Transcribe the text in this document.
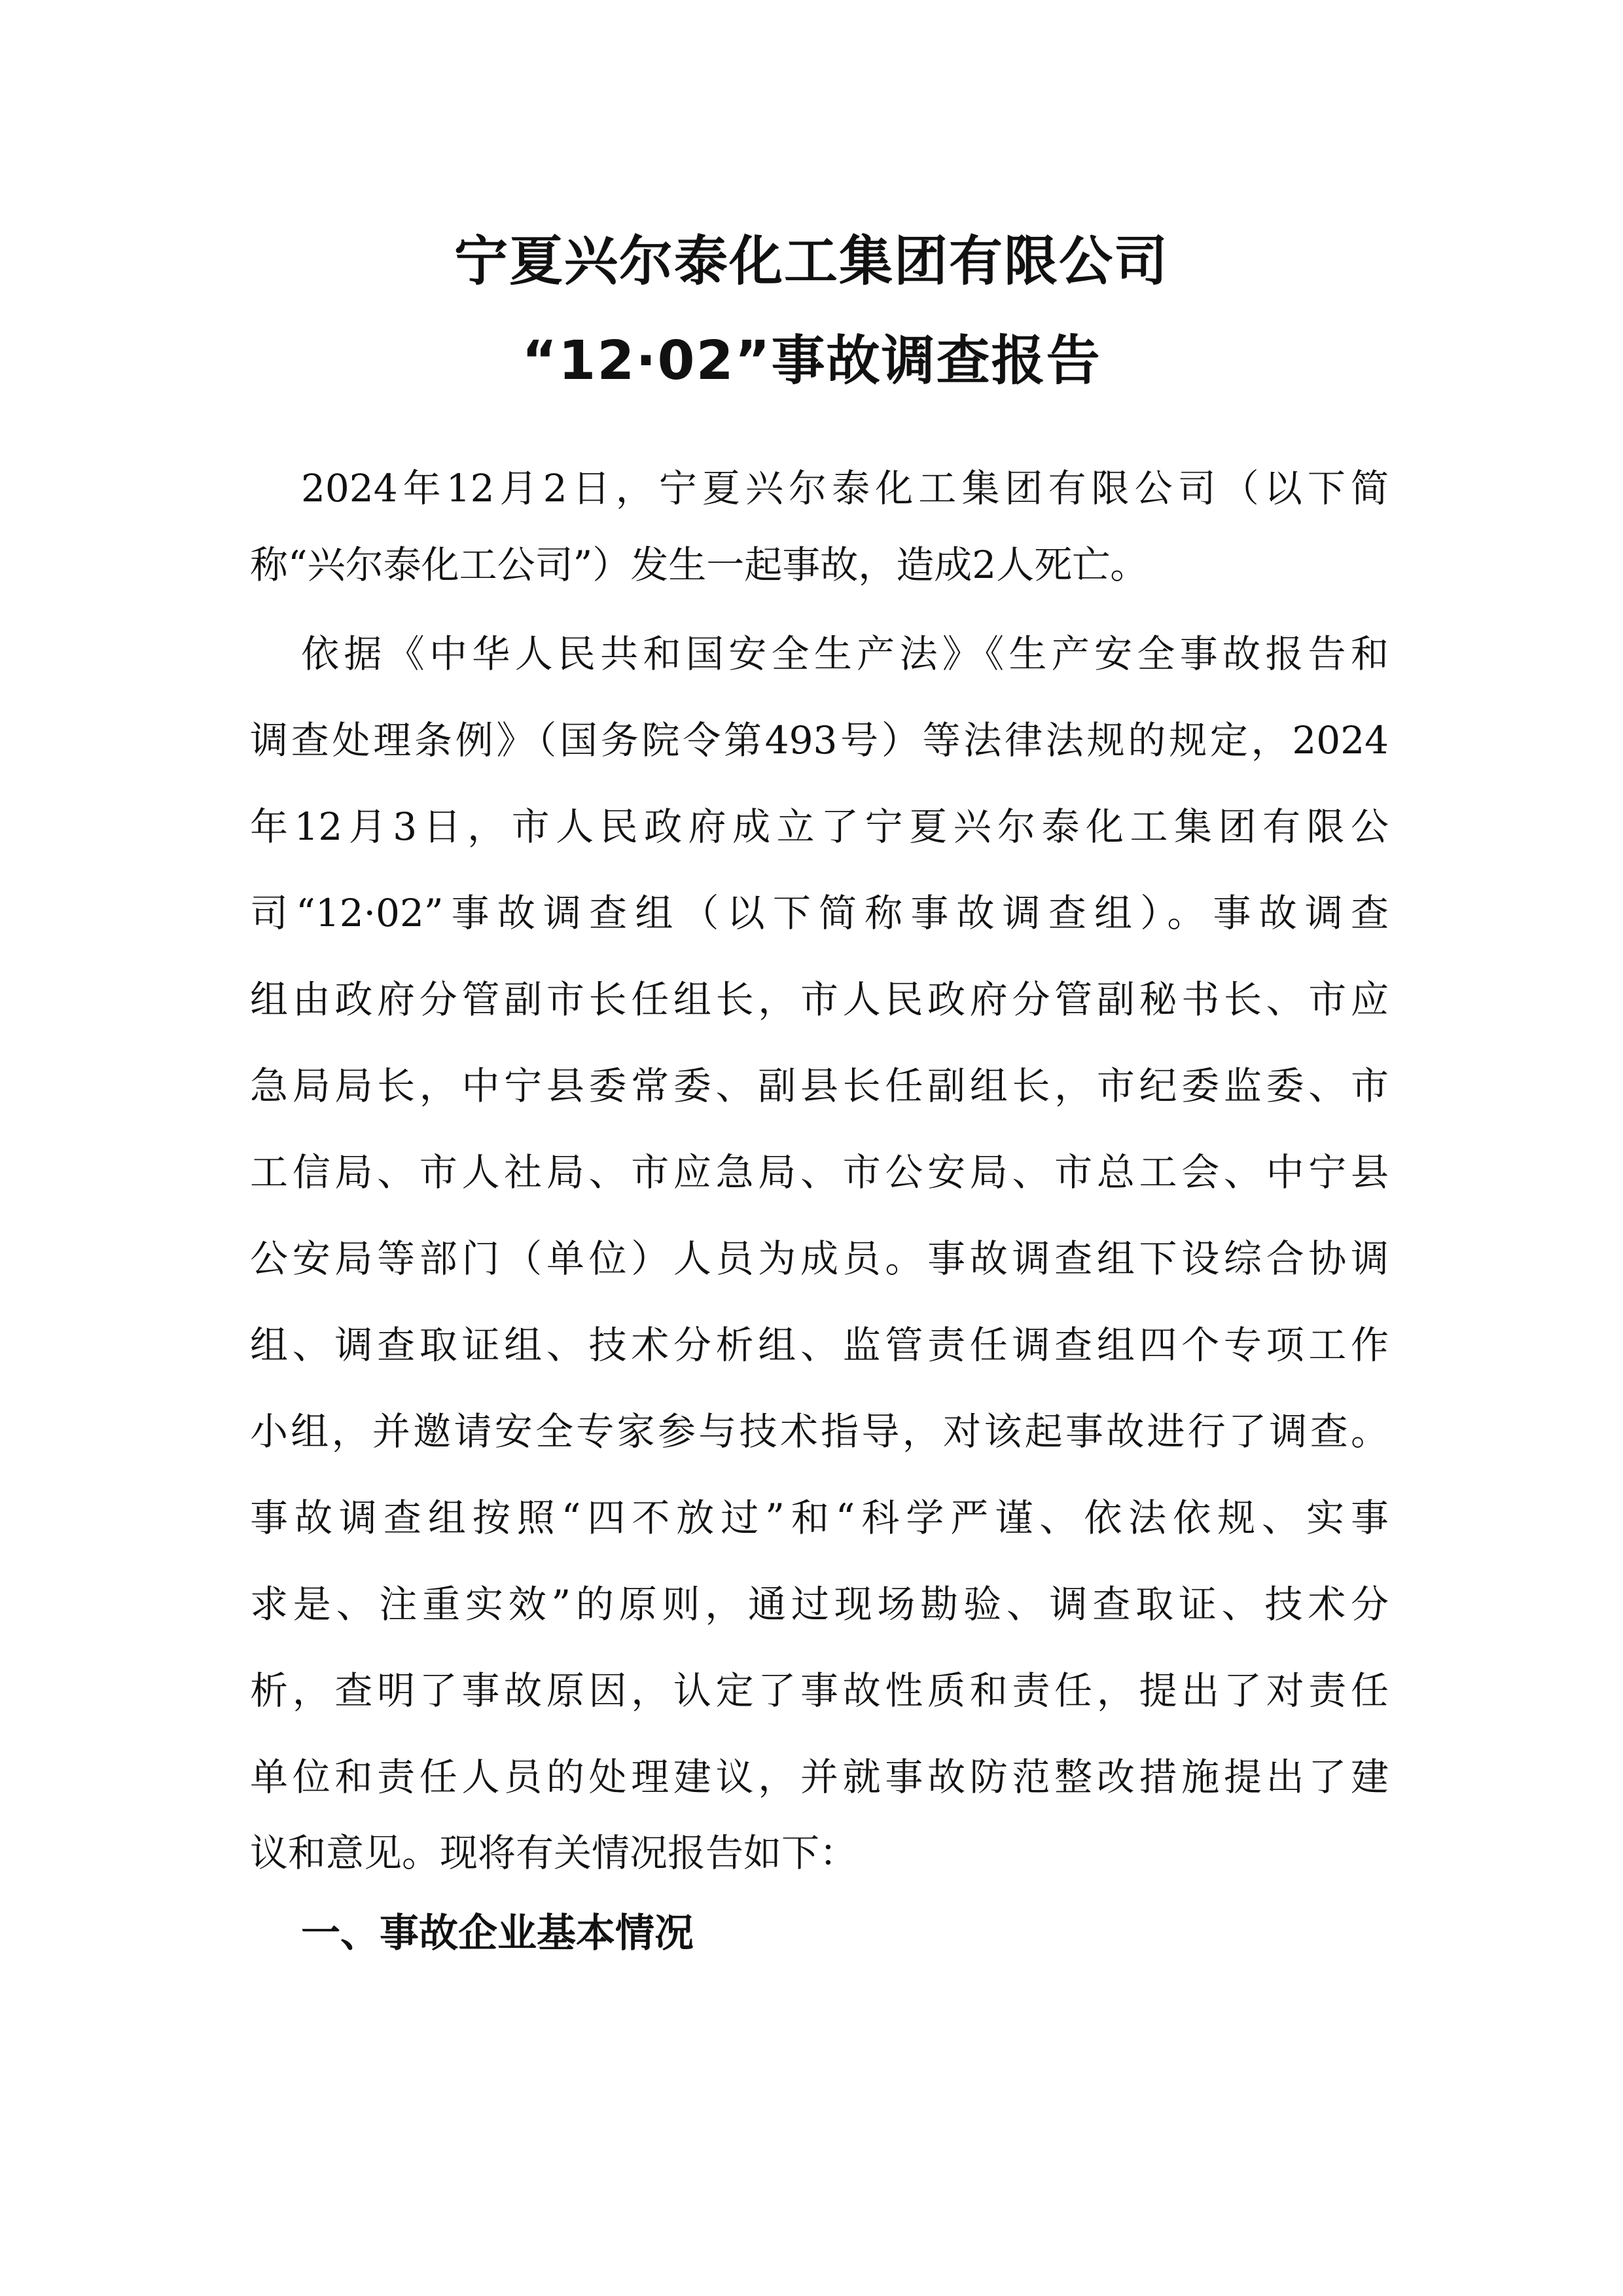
宁夏兴尔泰化工集团有限公司
“12·02”事故调查报告
2024年12月2日，宁夏兴尔泰化工集团有限公司（以下简
称“兴尔泰化工公司”）发生一起事故，造成2人死亡。
依据《中华人民共和国安全生产法》《生产安全事故报告和
调查处理条例》（国务院令第493号）等法律法规的规定，2024
年12月3日，市人民政府成立了宁夏兴尔泰化工集团有限公
司“12·02”事故调查组（以下简称事故调查组）。事故调查
组由政府分管副市长任组长，市人民政府分管副秘书长、市应
急局局长，中宁县委常委、副县长任副组长，市纪委监委、市
工信局、市人社局、市应急局、市公安局、市总工会、中宁县
公安局等部门（单位）人员为成员。事故调查组下设综合协调
组、调查取证组、技术分析组、监管责任调查组四个专项工作
小组，并邀请安全专家参与技术指导，对该起事故进行了调查。
事故调查组按照“四不放过”和“科学严谨、依法依规、实事
求是、注重实效”的原则，通过现场勘验、调查取证、技术分
析，查明了事故原因，认定了事故性质和责任，提出了对责任
单位和责任人员的处理建议，并就事故防范整改措施提出了建
议和意见。现将有关情况报告如下：
一、事故企业基本情况
